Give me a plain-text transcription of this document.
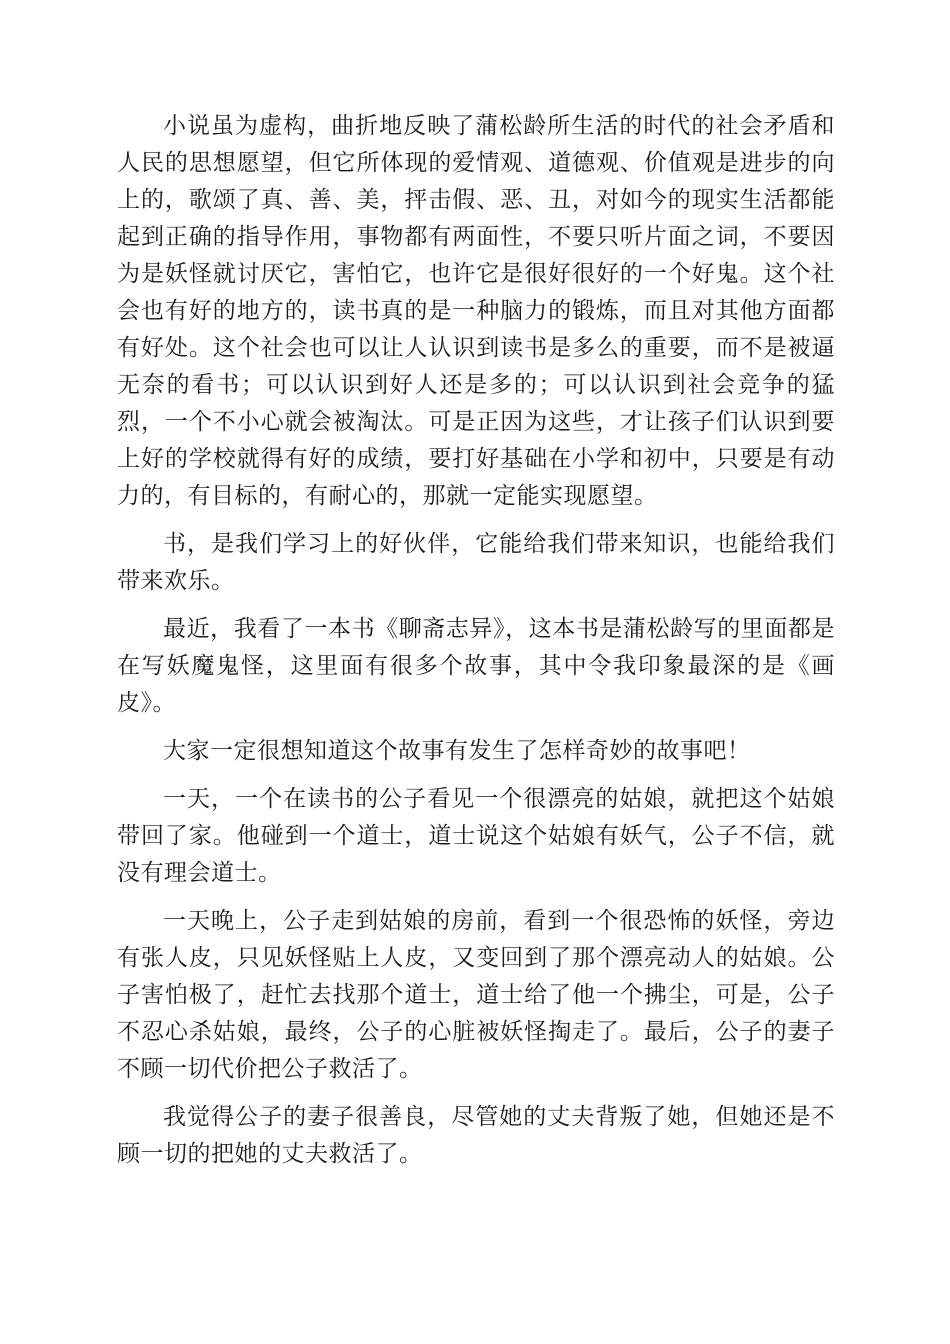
小说虽为虚构，曲折地反映了蒲松龄所生活的时代的社会矛盾和人民的思想愿望，但它所体现的爱情观、道德观、价值观是进步的向上的，歌颂了真、善、美，抨击假、恶、丑，对如今的现实生活都能起到正确的指导作用，事物都有两面性，不要只听片面之词，不要因为是妖怪就讨厌它，害怕它，也许它是很好很好的一个好鬼。这个社会也有好的地方的，读书真的是一种脑力的锻炼，而且对其他方面都有好处。这个社会也可以让人认识到读书是多么的重要，而不是被逼无奈的看书；可以认识到好人还是多的；可以认识到社会竞争的猛烈，一个不小心就会被淘汰。可是正因为这些，才让孩子们认识到要上好的学校就得有好的成绩，要打好基础在小学和初中，只要是有动力的，有目标的，有耐心的，那就一定能实现愿望。

书，是我们学习上的好伙伴，它能给我们带来知识，也能给我们带来欢乐。

最近，我看了一本书《聊斋志异》，这本书是蒲松龄写的里面都是在写妖魔鬼怪，这里面有很多个故事，其中令我印象最深的是《画皮》。

大家一定很想知道这个故事有发生了怎样奇妙的故事吧！

一天，一个在读书的公子看见一个很漂亮的姑娘，就把这个姑娘带回了家。他碰到一个道士，道士说这个姑娘有妖气，公子不信，就没有理会道士。

一天晚上，公子走到姑娘的房前，看到一个很恐怖的妖怪，旁边有张人皮，只见妖怪贴上人皮，又变回到了那个漂亮动人的姑娘。公子害怕极了，赶忙去找那个道士，道士给了他一个拂尘，可是，公子不忍心杀姑娘，最终，公子的心脏被妖怪掏走了。最后，公子的妻子不顾一切代价把公子救活了。

我觉得公子的妻子很善良，尽管她的丈夫背叛了她，但她还是不顾一切的把她的丈夫救活了。
